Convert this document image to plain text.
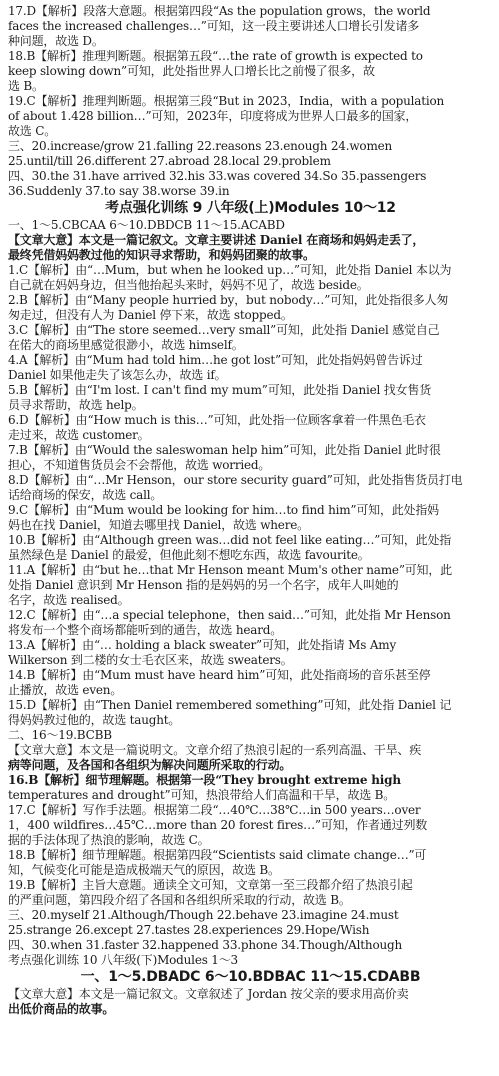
17.D【解析】段落大意题。根据第四段“As the population grows，the world
faces the increased challenges…”可知，这一段主要讲述人口增长引发诸多
种问题，故选 D。
18.B【解析】推理判断题。根据第五段“…the rate of growth is expected to
keep slowing down”可知，此处指世界人口增长比之前慢了很多，故
选 B。
19.C【解析】推理判断题。根据第三段“But in 2023，India，with a population
of about 1.428 billion…”可知，2023年，印度将成为世界人口最多的国家，
故选 C。
三、20.increase/grow 21.falling 22.reasons 23.enough 24.women
25.until/till 26.different 27.abroad 28.local 29.problem
四、30.the 31.have arrived 32.his 33.was covered 34.So 35.passengers
36.Suddenly 37.to say 38.worse 39.in
考点强化训练 9 八年级(上)Modules 10～12
一、1～5.CBCAA 6～10.DBDCB 11～15.ACABD
【文章大意】本文是一篇记叙文。文章主要讲述 Daniel 在商场和妈妈走丢了，
最终凭借妈妈教过他的知识寻求帮助，和妈妈团聚的故事。
1.C【解析】由“…Mum，but when he looked up…”可知，此处指 Daniel 本以为
自己就在妈妈身边，但当他抬起头来时，妈妈不见了，故选 beside。
2.B【解析】由“Many people hurried by，but nobody…”可知，此处指很多人匆
匆走过，但没有人为 Daniel 停下来，故选 stopped。
3.C【解析】由“The store seemed…very small”可知，此处指 Daniel 感觉自己
在偌大的商场里感觉很渺小，故选 himself。
4.A【解析】由“Mum had told him…he got lost”可知，此处指妈妈曾告诉过
Daniel 如果他走失了该怎么办，故选 if。
5.B【解析】由“I'm lost. I can't find my mum”可知，此处指 Daniel 找女售货
员寻求帮助，故选 help。
6.D【解析】由“How much is this…”可知，此处指一位顾客拿着一件黑色毛衣
走过来，故选 customer。
7.B【解析】由“Would the saleswoman help him”可知，此处指 Daniel 此时很
担心，不知道售货员会不会帮他，故选 worried。
8.D【解析】由“…Mr Henson，our store security guard”可知，此处指售货员打电
话给商场的保安，故选 call。
9.C【解析】由“Mum would be looking for him…to find him”可知，此处指妈
妈也在找 Daniel，知道去哪里找 Daniel，故选 where。
10.B【解析】由“Although green was…did not feel like eating…”可知，此处指
虽然绿色是 Daniel 的最爱，但他此刻不想吃东西，故选 favourite。
11.A【解析】由“but he…that Mr Henson meant Mum's other name”可知，此
处指 Daniel 意识到 Mr Henson 指的是妈妈的另一个名字，成年人叫她的
名字，故选 realised。
12.C【解析】由“…a special telephone，then said…”可知，此处指 Mr Henson
将发布一个整个商场都能听到的通告，故选 heard。
13.A【解析】由“… holding a black sweater”可知，此处指请 Ms Amy
Wilkerson 到二楼的女士毛衣区来，故选 sweaters。
14.B【解析】由“Mum must have heard him”可知，此处指商场的音乐甚至停
止播放，故选 even。
15.D【解析】由“Then Daniel remembered something”可知，此处指 Daniel 记
得妈妈教过他的，故选 taught。
二、16～19.BCBB
【文章大意】本文是一篇说明文。文章介绍了热浪引起的一系列高温、干旱、疾
病等问题，及各国和各组织为解决问题所采取的行动。
16.B【解析】细节理解题。根据第一段“They brought extreme high
temperatures and drought”可知，热浪带给人们高温和干旱，故选 B。
17.C【解析】写作手法题。根据第二段“…40℃…38℃…in 500 years…over
1，400 wildfires…45℃…more than 20 forest fires…”可知，作者通过列数
据的手法体现了热浪的影响，故选 C。
18.B【解析】细节理解题。根据第四段“Scientists said climate change…”可
知，气候变化可能是造成极端天气的原因，故选 B。
19.B【解析】主旨大意题。通读全文可知，文章第一至三段都介绍了热浪引起
的严重问题，第四段介绍了各国和各组织所采取的行动，故选 B。
三、20.myself 21.Although/Though 22.behave 23.imagine 24.must
25.strange 26.except 27.tastes 28.experiences 29.Hope/Wish
四、30.when 31.faster 32.happened 33.phone 34.Though/Although
考点强化训练 10 八年级(下)Modules 1～3
一、1～5.DBADC 6～10.BDBAC 11～15.CDABB
【文章大意】本文是一篇记叙文。文章叙述了 Jordan 按父亲的要求用高价卖
出低价商品的故事。
